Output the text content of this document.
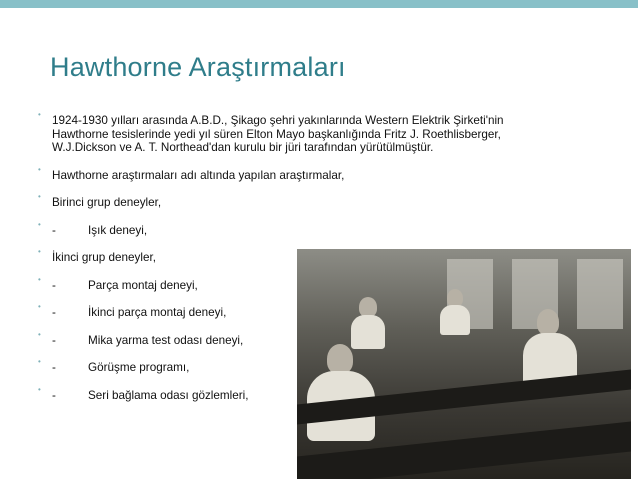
Hawthorne Araştırmaları
• 1924-1930 yılları arasında A.B.D., Şikago şehri yakınlarında Western Elektrik Şirketi'nin
Hawthorne tesislerinde yedi yıl süren Elton Mayo başkanlığında Fritz J. Roethlisberger,
W.J.Dickson ve A. T. Northead'dan kurulu bir jüri tarafından yürütülmüştür.
• Hawthorne araştırmaları adı altında yapılan araştırmalar,
• Birinci grup deneyler,
• -	Işık deneyi,
• İkinci grup deneyler,
• -	Parça montaj deneyi,
• -	İkinci parça montaj deneyi,
• -	Mika yarma test odası deneyi,
• -	Görüşme programı,
• -	Seri bağlama odası gözlemleri,
